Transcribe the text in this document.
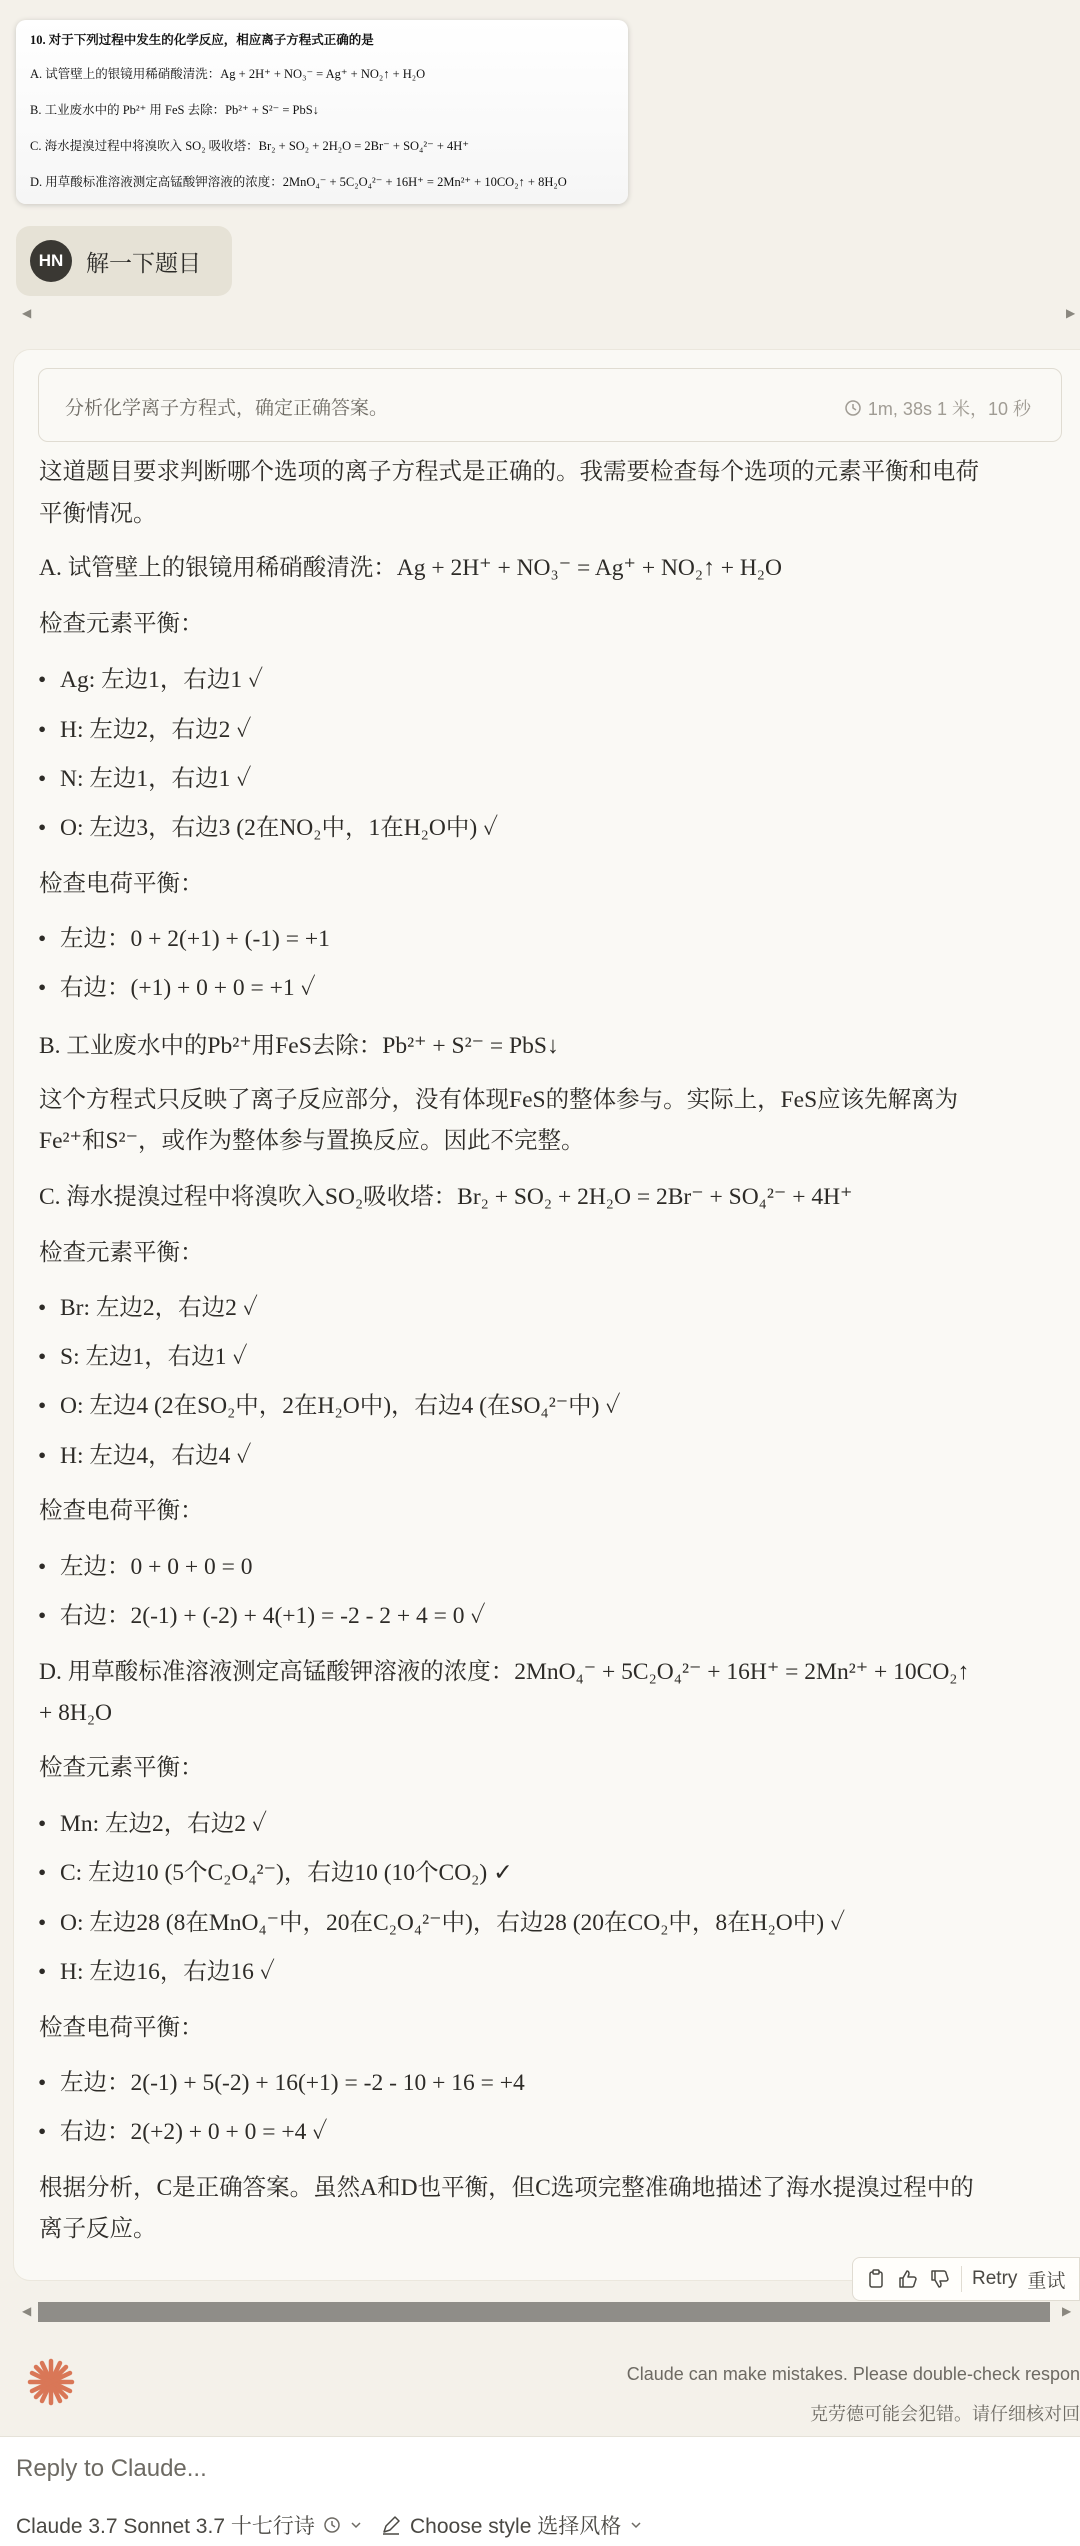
10. 对于下列过程中发生的化学反应，相应离子方程式正确的是
A. 试管壁上的银镜用稀硝酸清洗：Ag + 2H⁺ + NO₃⁻ = Ag⁺ + NO₂↑ + H₂O
B. 工业废水中的 Pb²⁺ 用 FeS 去除：Pb²⁺ + S²⁻ = PbS↓
C. 海水提溴过程中将溴吹入 SO₂ 吸收塔：Br₂ + SO₂ + 2H₂O = 2Br⁻ + SO₄²⁻ + 4H⁺
D. 用草酸标准溶液测定高锰酸钾溶液的浓度：2MnO₄⁻ + 5C₂O₄²⁻ + 16H⁺ = 2Mn²⁺ + 10CO₂↑ + 8H₂O
HN 解一下题目
◀	▶
分析化学离子方程式，确定正确答案。	1m, 38s 1 米，10 秒
这道题目要求判断哪个选项的离子方程式是正确的。我需要检查每个选项的元素平衡和电荷
平衡情况。
A. 试管壁上的银镜用稀硝酸清洗：Ag + 2H⁺ + NO₃⁻ = Ag⁺ + NO₂↑ + H₂O
检查元素平衡：
• Ag: 左边1，右边1 ✓
• H: 左边2，右边2 ✓
• N: 左边1，右边1 ✓
• O: 左边3，右边3 (2在NO₂中，1在H₂O中) ✓
检查电荷平衡：
• 左边：0 + 2(+1) + (-1) = +1
• 右边：(+1) + 0 + 0 = +1 ✓
B. 工业废水中的Pb²⁺用FeS去除：Pb²⁺ + S²⁻ = PbS↓
这个方程式只反映了离子反应部分，没有体现FeS的整体参与。实际上，FeS应该先解离为
Fe²⁺和S²⁻，或作为整体参与置换反应。因此不完整。
C. 海水提溴过程中将溴吹入SO₂吸收塔：Br₂ + SO₂ + 2H₂O = 2Br⁻ + SO₄²⁻ + 4H⁺
检查元素平衡：
• Br: 左边2，右边2 ✓
• S: 左边1，右边1 ✓
• O: 左边4 (2在SO₂中，2在H₂O中)，右边4 (在SO₄²⁻中) ✓
• H: 左边4，右边4 ✓
检查电荷平衡：
• 左边：0 + 0 + 0 = 0
• 右边：2(-1) + (-2) + 4(+1) = -2 - 2 + 4 = 0 ✓
D. 用草酸标准溶液测定高锰酸钾溶液的浓度：2MnO₄⁻ + 5C₂O₄²⁻ + 16H⁺ = 2Mn²⁺ + 10CO₂↑
+ 8H₂O
检查元素平衡：
• Mn: 左边2，右边2 ✓
• C: 左边10 (5个C₂O₄²⁻)，右边10 (10个CO₂) ✓
• O: 左边28 (8在MnO₄⁻中，20在C₂O₄²⁻中)，右边28 (20在CO₂中，8在H₂O中) ✓
• H: 左边16，右边16 ✓
检查电荷平衡：
• 左边：2(-1) + 5(-2) + 16(+1) = -2 - 10 + 16 = +4
• 右边：2(+2) + 0 + 0 = +4 ✓
根据分析，C是正确答案。虽然A和D也平衡，但C选项完整准确地描述了海水提溴过程中的
离子反应。
Retry 重试
◀	▶
Claude can make mistakes. Please double-check respon
克劳德可能会犯错。请仔细核对回
Reply to Claude...
Claude 3.7 Sonnet 3.7 十七行诗	Choose style 选择风格
